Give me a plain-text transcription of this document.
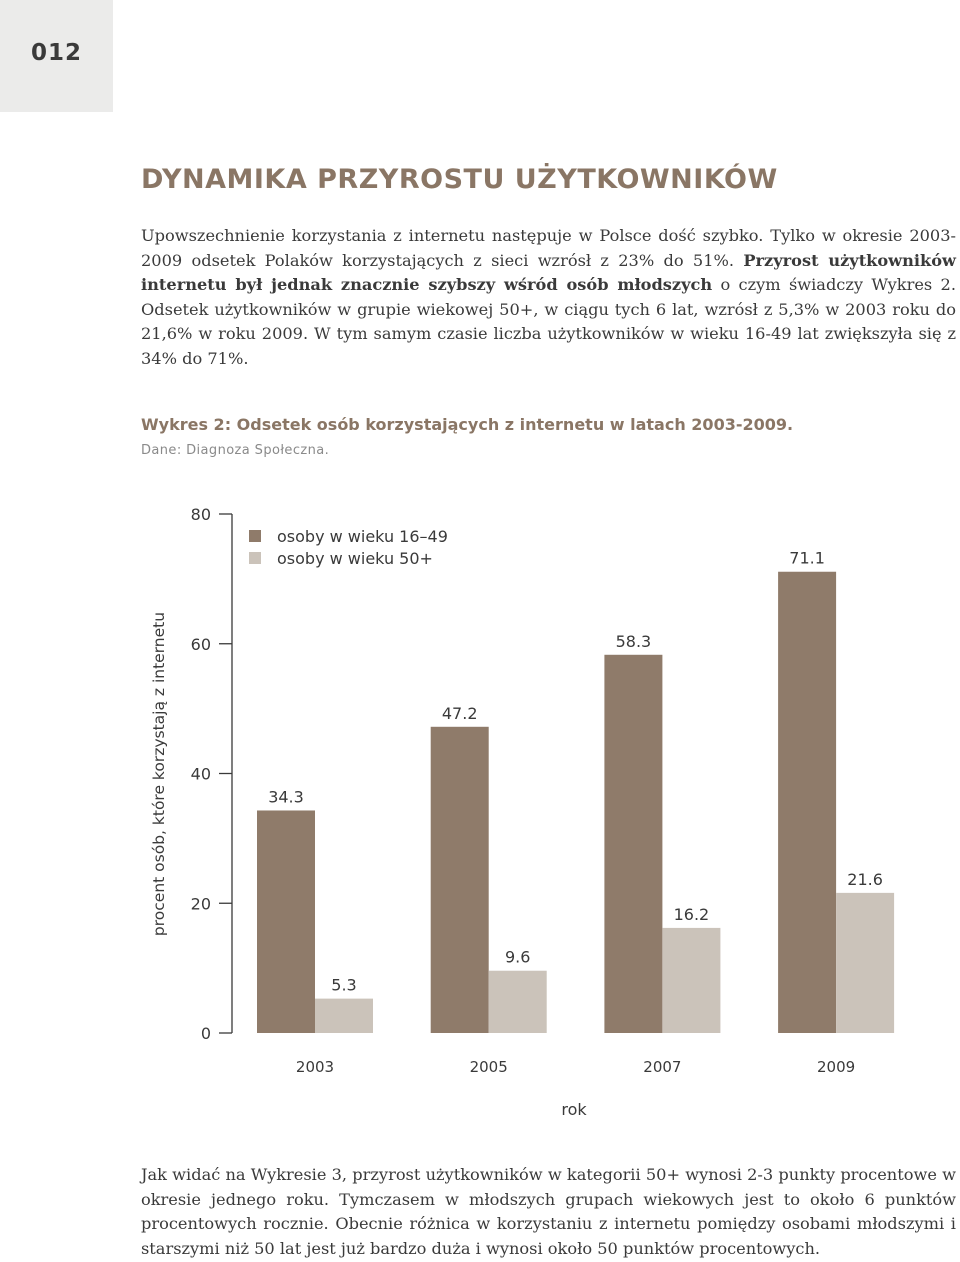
012
DYNAMIKA PRZYROSTU UŻYTKOWNIKÓW

Upowszechnienie korzystania z internetu następuje w Polsce dość szybko. Tylko w okresie 2003-2009 odsetek Polaków korzystających z sieci wzrósł z 23% do 51%. Przyrost użytkowników internetu był jednak znacznie szybszy wśród osób młodszych o czym świadczy Wykres 2. Odsetek użytkowników w grupie wiekowej 50+, w ciągu tych 6 lat, wzrósł z 5,3% w 2003 roku do 21,6% w roku 2009. W tym samym czasie liczba użytkowników w wieku 16-49 lat zwiększyła się z 34% do 71%.

Wykres 2: Odsetek osób korzystających z internetu w latach 2003-2009.

Dane: Diagnoza Społeczna.

0
20
40
60
80
procent osób, które korzystają z internetu
rok
34.3
5.3
2003
47.2
9.6
2005
58.3
16.2
2007
71.1
21.6
2009
osoby w wieku 16–49
osoby w wieku 50+

Jak widać na Wykresie 3, przyrost użytkowników w kategorii 50+ wynosi 2-3 punkty procentowe w okresie jednego roku. Tymczasem w młodszych grupach wiekowych jest to około 6 punktów procentowych rocznie. Obecnie różnica w korzystaniu z internetu pomiędzy osobami młodszymi i starszymi niż 50 lat jest już bardzo duża i wynosi około 50 punktów procentowych.
